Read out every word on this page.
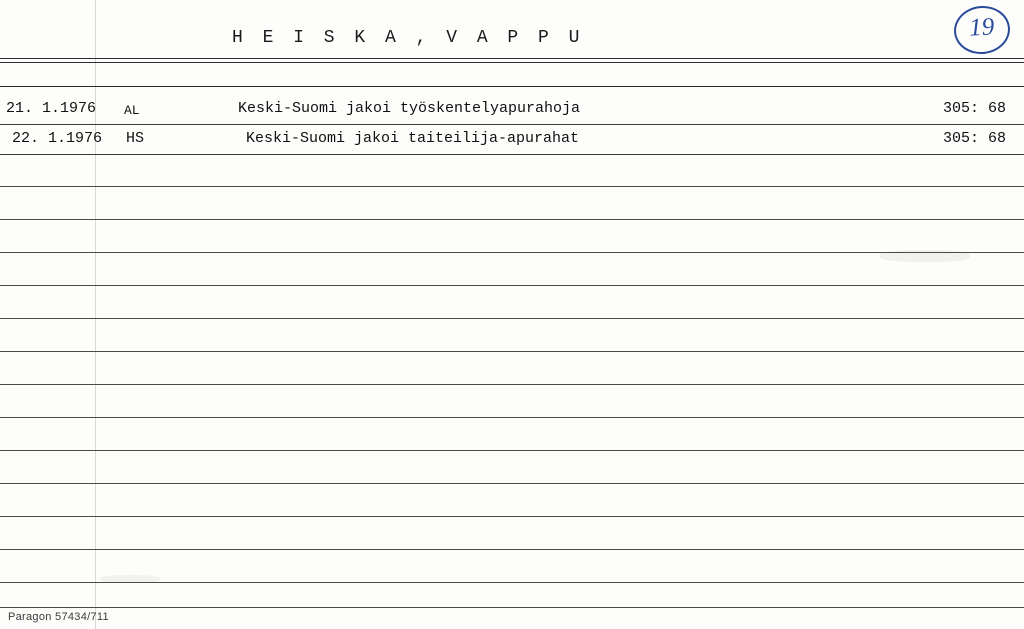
H E I S K A , V A P P U	19
21. 1.1976 AL	Keski-Suomi jakoi työskentelyapurahoja	305: 68
22. 1.1976 HS	Keski-Suomi jakoi taiteilija-apurahat	305: 68
Paragon 57434/711
